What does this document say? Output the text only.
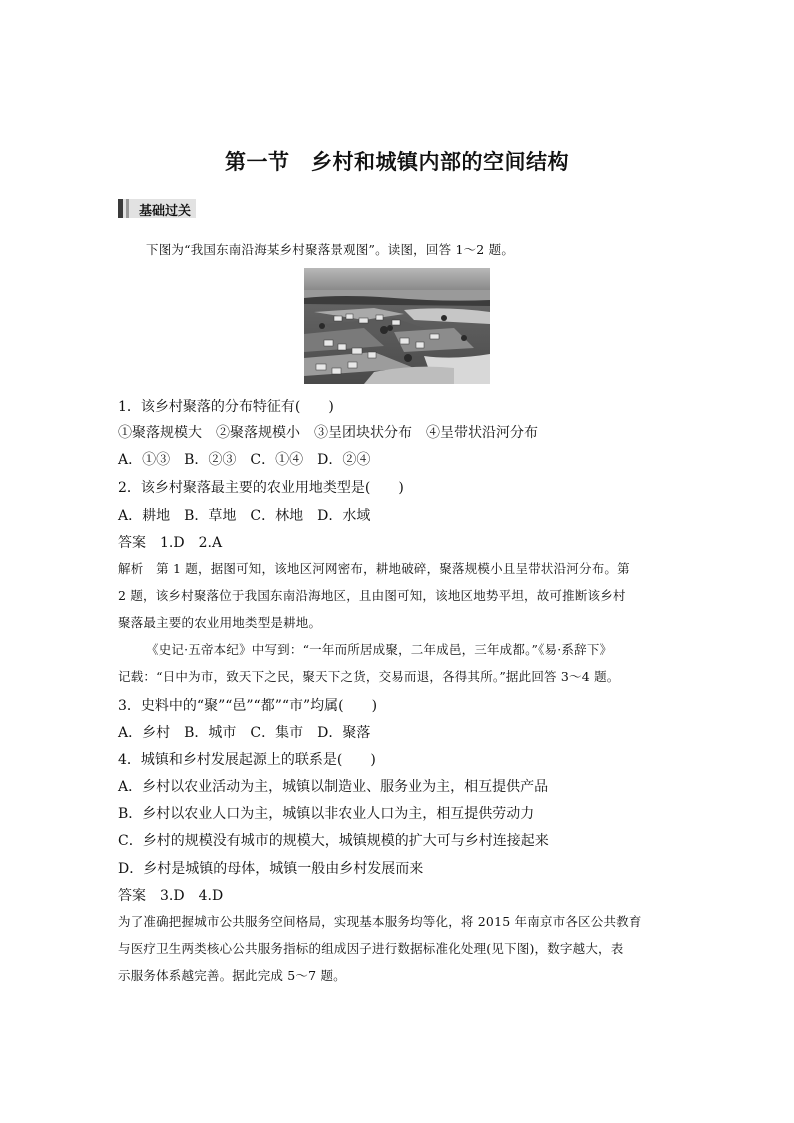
第一节　乡村和城镇内部的空间结构
基础过关
下图为“我国东南沿海某乡村聚落景观图”。读图，回答 1～2 题。
1．该乡村聚落的分布特征有(　　)
①聚落规模大　②聚落规模小　③呈团块状分布　④呈带状沿河分布
A．①③　B．②③　C．①④　D．②④
2．该乡村聚落最主要的农业用地类型是(　　)
A．耕地　B．草地　C．林地　D．水域
答案　1.D　2.A
解析　第 1 题，据图可知，该地区河网密布，耕地破碎，聚落规模小且呈带状沿河分布。第
2 题，该乡村聚落位于我国东南沿海地区，且由图可知，该地区地势平坦，故可推断该乡村
聚落最主要的农业用地类型是耕地。
《史记·五帝本纪》中写到：“一年而所居成聚，二年成邑，三年成都。”《易·系辞下》
记载：“日中为市，致天下之民，聚天下之货，交易而退，各得其所。”据此回答 3～4 题。
3．史料中的“聚”“邑”“都”“市”均属(　　)
A．乡村　B．城市　C．集市　D．聚落
4．城镇和乡村发展起源上的联系是(　　)
A．乡村以农业活动为主，城镇以制造业、服务业为主，相互提供产品
B．乡村以农业人口为主，城镇以非农业人口为主，相互提供劳动力
C．乡村的规模没有城市的规模大，城镇规模的扩大可与乡村连接起来
D．乡村是城镇的母体，城镇一般由乡村发展而来
答案　3.D　4.D
为了准确把握城市公共服务空间格局，实现基本服务均等化，将 2015 年南京市各区公共教育
与医疗卫生两类核心公共服务指标的组成因子进行数据标准化处理(见下图)，数字越大，表
示服务体系越完善。据此完成 5～7 题。
